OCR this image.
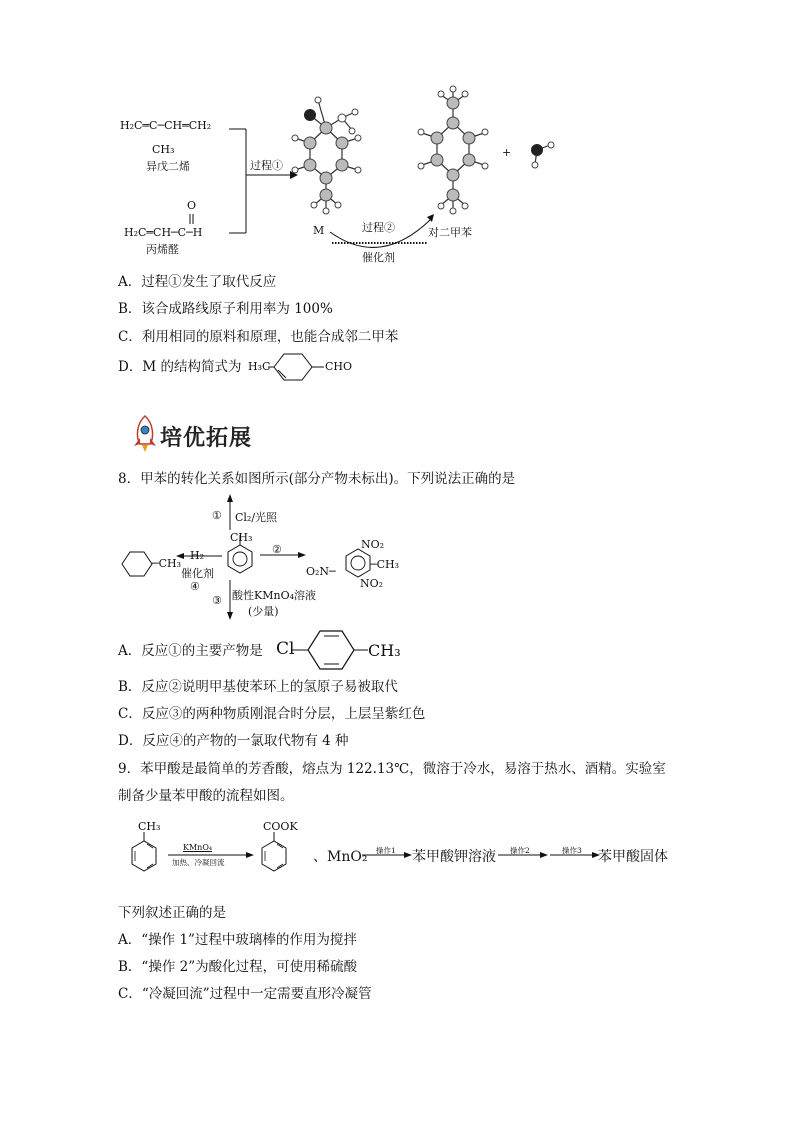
H₂C═C─CH═CH₂
CH₃
异戊二烯
O
H₂C═CH─C─H
丙烯醛
过程①
M	过程②
催化剂
对二甲苯
+
A．过程①发生了取代反应
B．该合成路线原子利用率为 100%
C．利用相同的原料和原理，也能合成邻二甲苯
D．M 的结构简式为 H₃C	CHO
培优拓展
8．甲苯的转化关系如图所示(部分产物未标出)。下列说法正确的是
① Cl₂/光照
CH₃
②
O₂N─
NO₂
─CH₃
NO₂
─CH₃
H₂
催化剂
④
③ 酸性KMnO₄溶液
(少量)
A．反应①的主要产物是 Cl	CH₃
B．反应②说明甲基使苯环上的氢原子易被取代
C．反应③的两种物质刚混合时分层，上层呈紫红色
D．反应④的产物的一氯取代物有 4 种
9．苯甲酸是最简单的芳香酸，熔点为 122.13℃，微溶于冷水，易溶于热水、酒精。实验室
制备少量苯甲酸的流程如图。
CH₃
KMnO₄
加热、冷凝回流
COOK
、MnO₂ 操作1 苯甲酸钾溶液 操作2	操作3 苯甲酸固体
下列叙述正确的是
A．“操作 1”过程中玻璃棒的作用为搅拌
B．“操作 2”为酸化过程，可使用稀硫酸
C．“冷凝回流”过程中一定需要直形冷凝管
